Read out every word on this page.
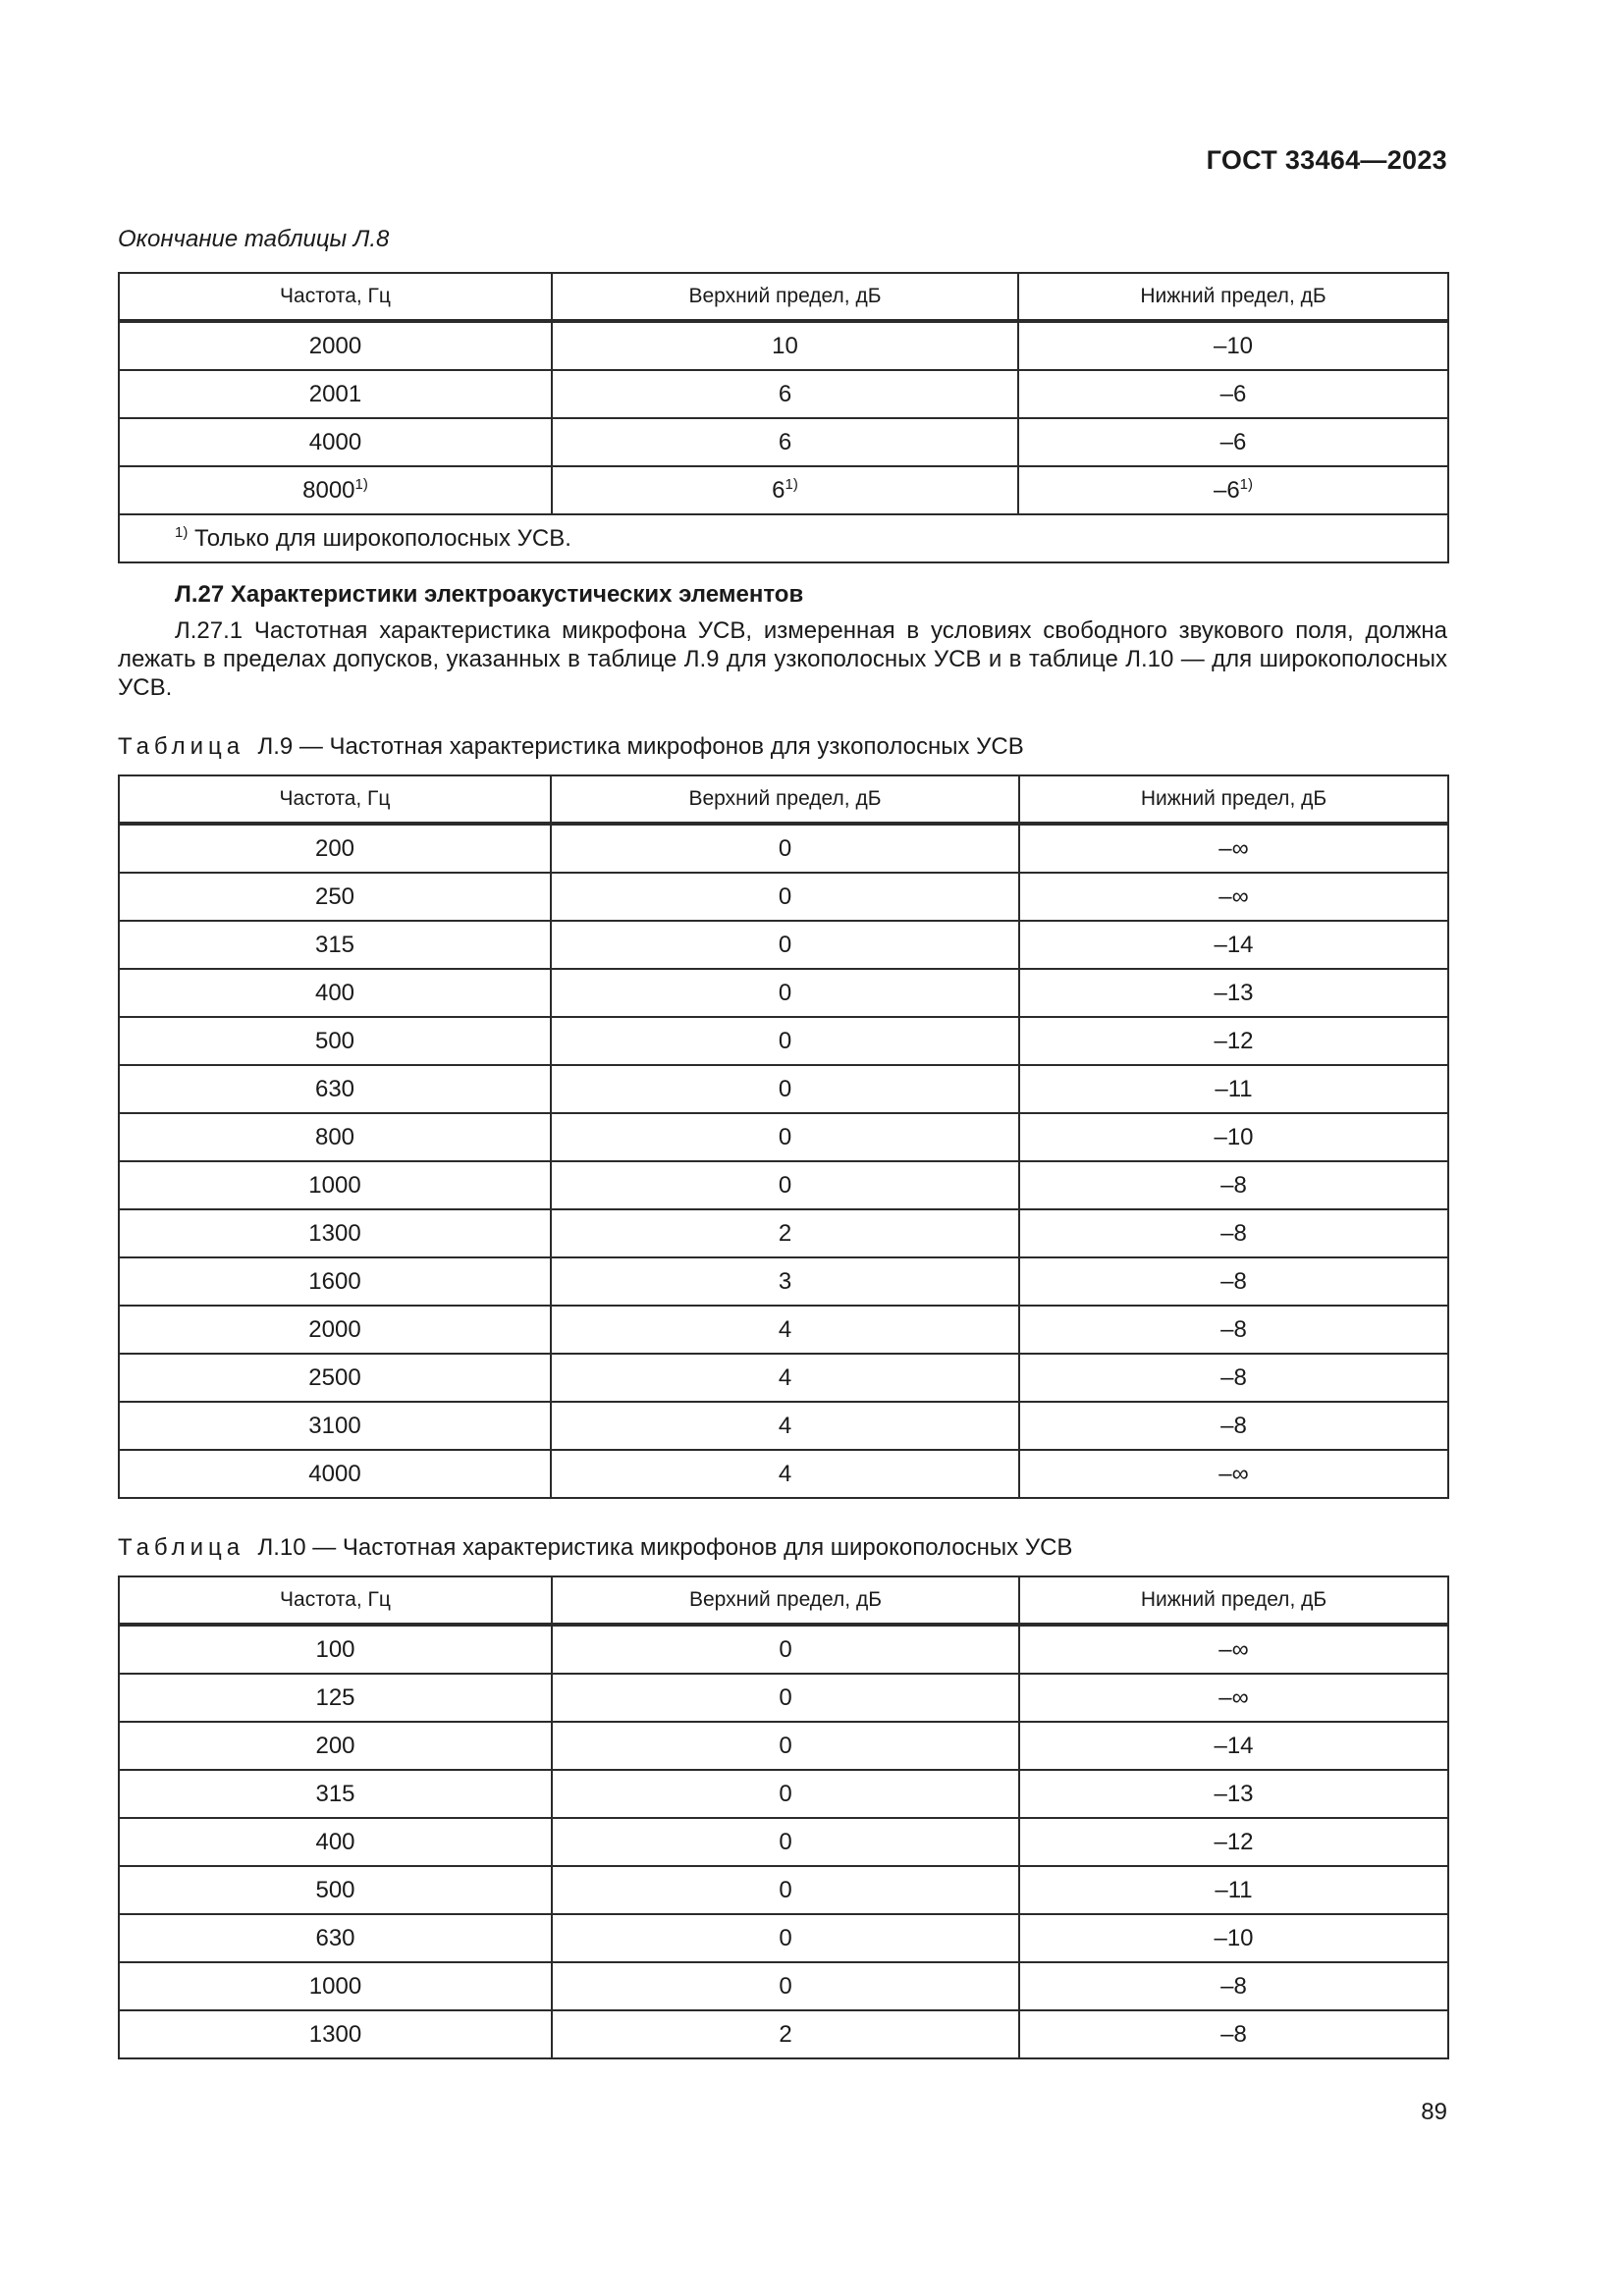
ГОСТ 33464—2023
Окончание таблицы Л.8
Частота, Гц	Верхний предел, дБ	Нижний предел, дБ
2000	10	–10
2001	6	–6
4000	6	–6
8000$^{1)}$	6$^{1)}$	–6$^{1)}$
$^{1)}$ Только для широкополосных УСВ.		
Л.27 Характеристики электроакустических элементов
Л.27.1 Частотная характеристика микрофона УСВ, измеренная в условиях свободного звукового поля, должна лежать в пределах допусков, указанных в таблице Л.9 для узкополосных УСВ и в таблице Л.10 — для широкополосных УСВ.
Таблица Л.9 — Частотная характеристика микрофонов для узкополосных УСВ
Частота, Гц	Верхний предел, дБ	Нижний предел, дБ
200	0	–∞
250	0	–∞
315	0	–14
400	0	–13
500	0	–12
630	0	–11
800	0	–10
1000	0	–8
1300	2	–8
1600	3	–8
2000	4	–8
2500	4	–8
3100	4	–8
4000	4	–∞
Таблица Л.10 — Частотная характеристика микрофонов для широкополосных УСВ
Частота, Гц	Верхний предел, дБ	Нижний предел, дБ
100	0	–∞
125	0	–∞
200	0	–14
315	0	–13
400	0	–12
500	0	–11
630	0	–10
1000	0	–8
1300	2	–8
89
